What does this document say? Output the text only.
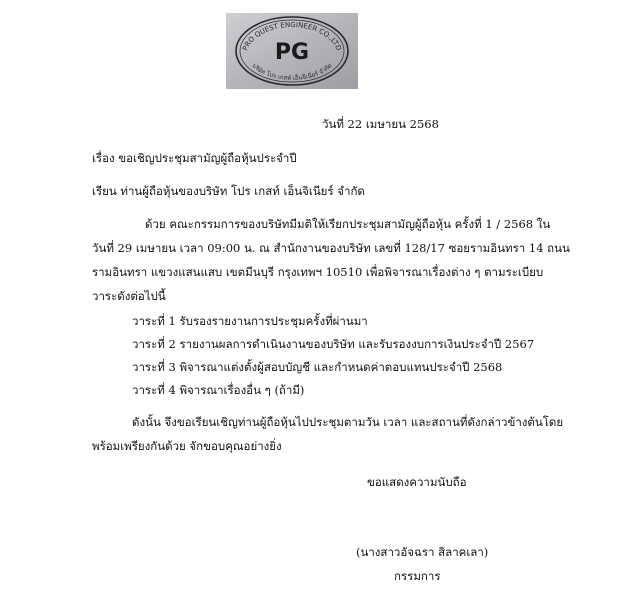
PRO QUEST ENGINEER CO.,LTD
PG
บริษัท โปร เกสท์ เอ็นจิเนียร์ จำกัด
วันที่ 22 เมษายน 2568
เรื่อง ขอเชิญประชุมสามัญผู้ถือหุ้นประจำปี
เรียน ท่านผู้ถือหุ้นของบริษัท โปร เกสท์ เอ็นจิเนียร์ จำกัด
ด้วย คณะกรรมการของบริษัทมีมติให้เรียกประชุมสามัญผู้ถือหุ้น ครั้งที่ 1 / 2568 ใน
วันที่ 29 เมษายน เวลา 09:00 น. ณ สำนักงานของบริษัท เลขที่ 128/17 ซอยรามอินทรา 14 ถนน
รามอินทรา แขวงแสนแสบ เขตมีนบุรี กรุงเทพฯ 10510 เพื่อพิจารณาเรื่องต่าง ๆ ตามระเบียบ
วาระดังต่อไปนี้
วาระที่ 1 รับรองรายงานการประชุมครั้งที่ผ่านมา
วาระที่ 2 รายงานผลการดำเนินงานของบริษัท และรับรองงบการเงินประจำปี 2567
วาระที่ 3 พิจารณาแต่งตั้งผู้สอบบัญชี และกำหนดค่าตอบแทนประจำปี 2568
วาระที่ 4 พิจารณาเรื่องอื่น ๆ (ถ้ามี)
ดังนั้น จึงขอเรียนเชิญท่านผู้ถือหุ้นไปประชุมตามวัน เวลา และสถานที่ดังกล่าวข้างต้นโดย
พร้อมเพรียงกันด้วย จักขอบคุณอย่างยิ่ง
ขอแสดงความนับถือ
(นางสาวอัจฉรา สิลาคเลา)
กรรมการ
